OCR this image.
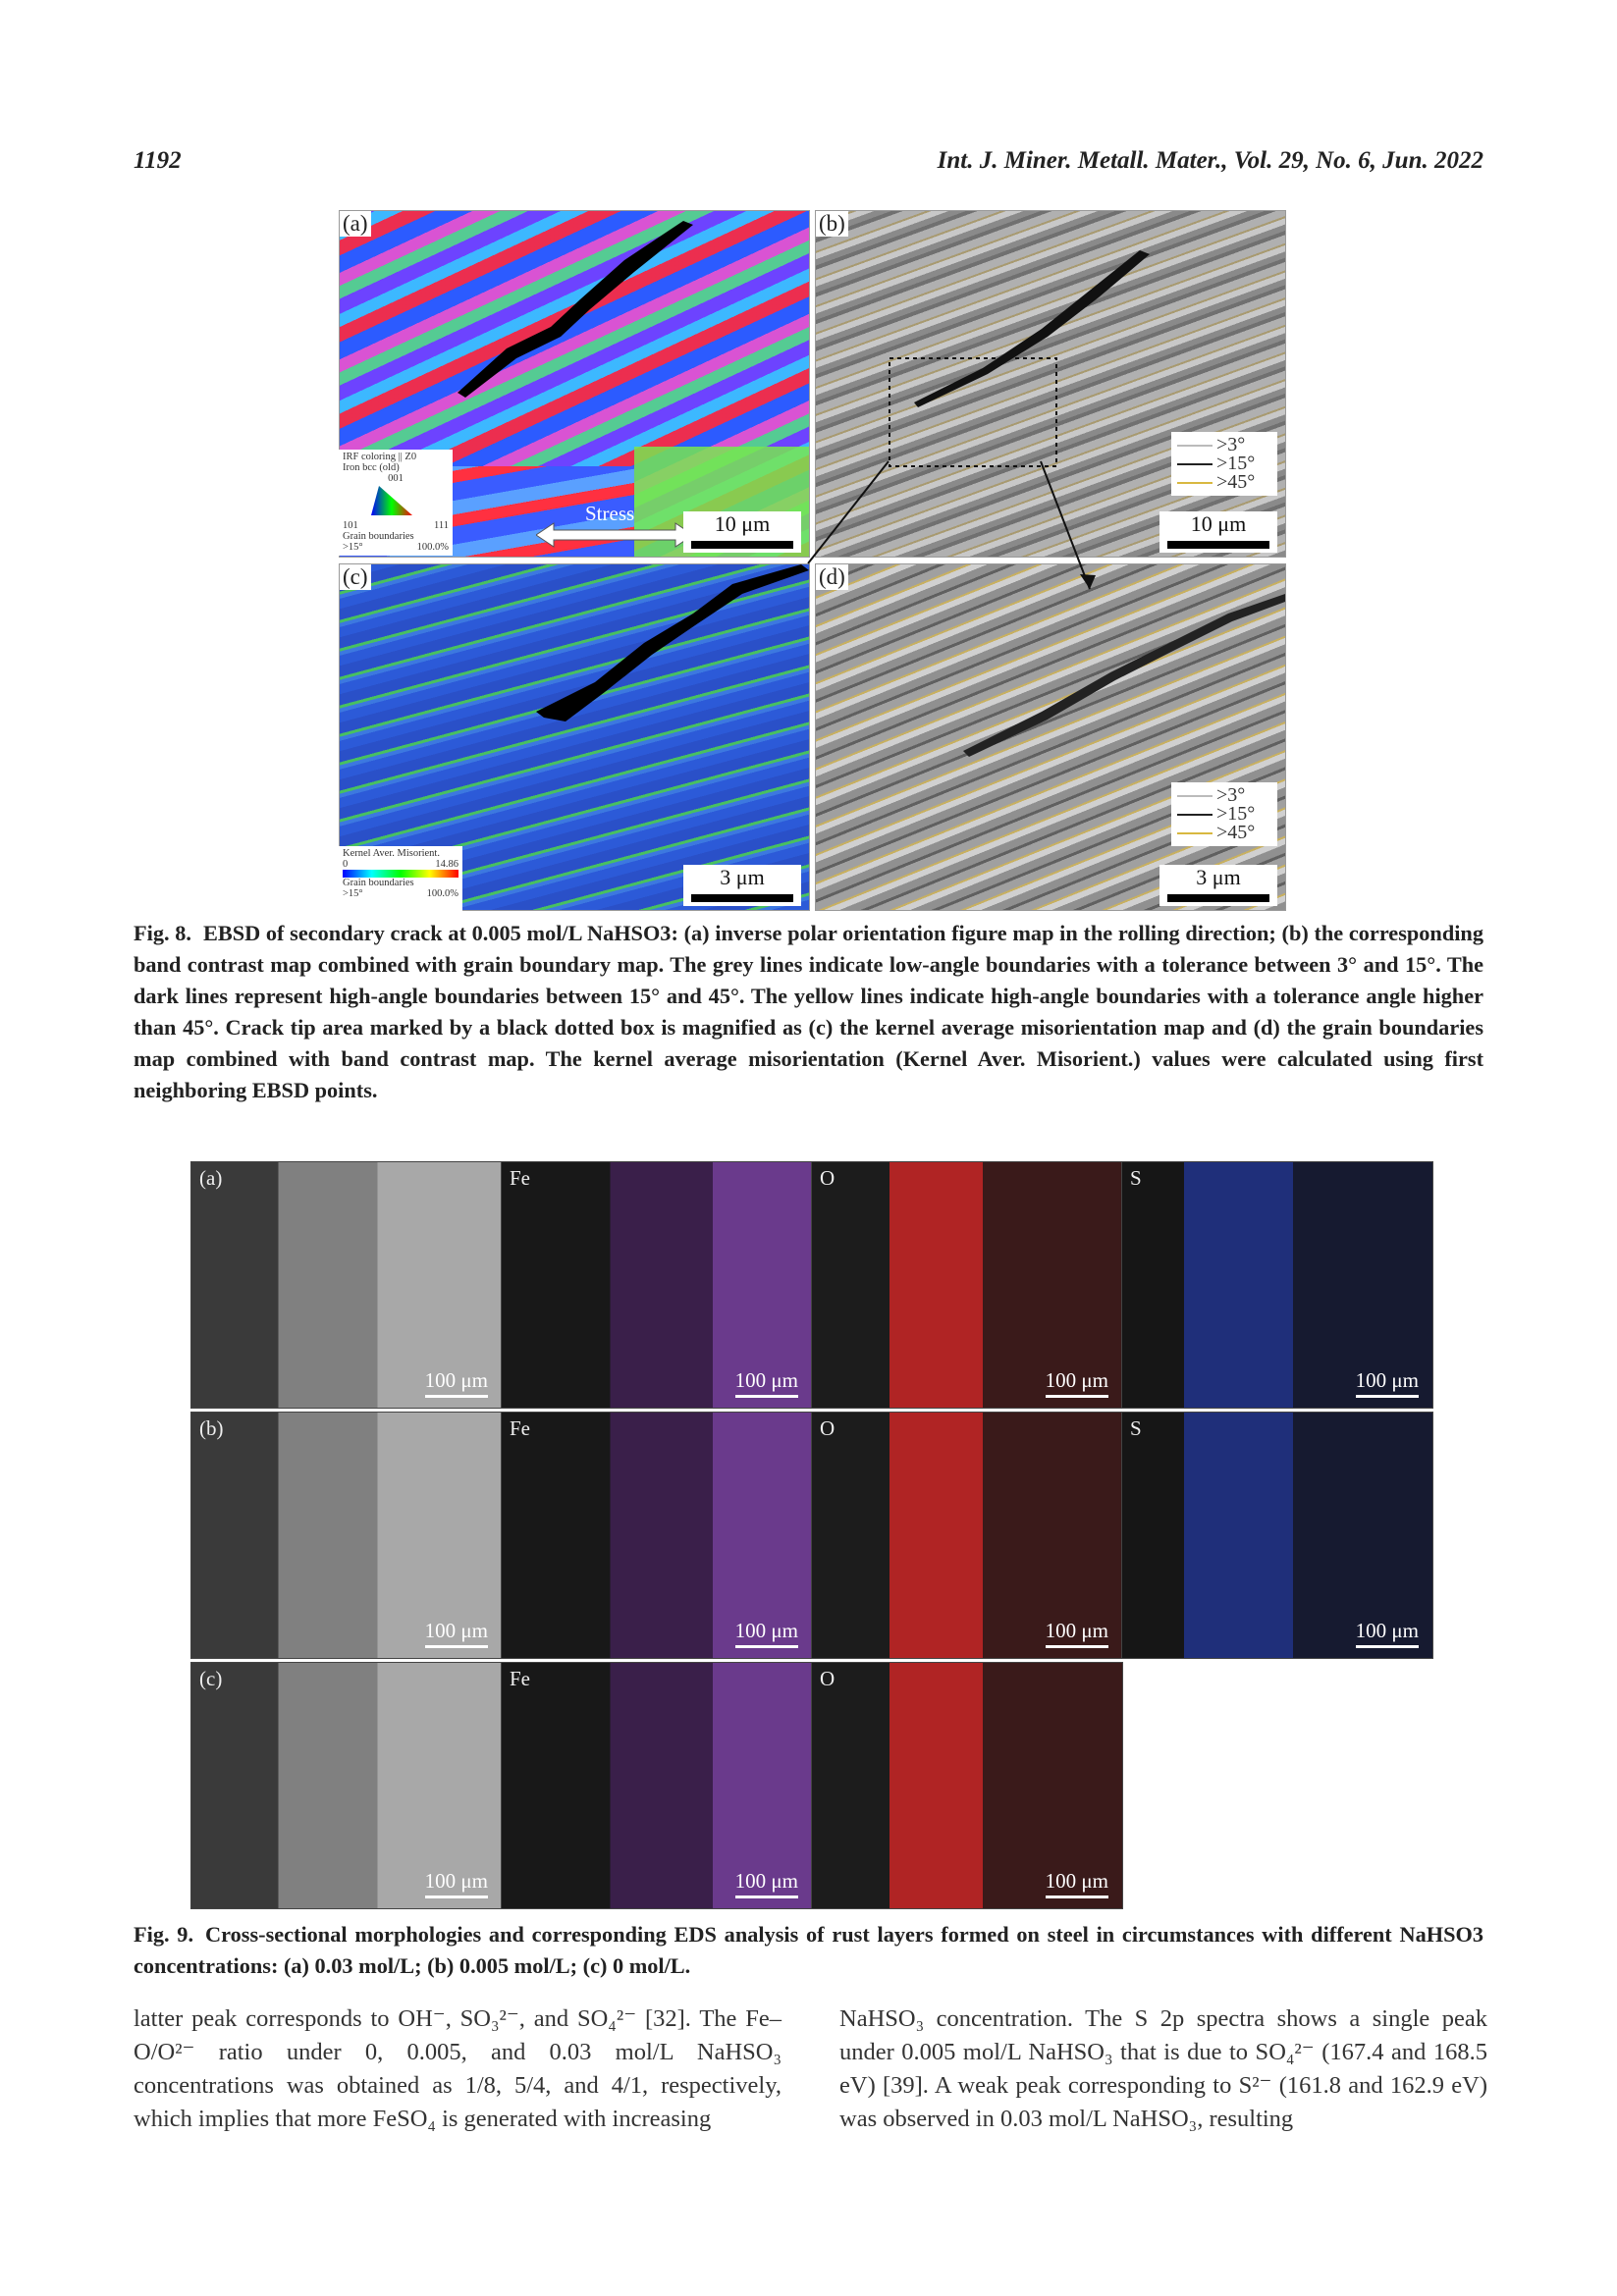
1192	Int. J. Miner. Metall. Mater., Vol. 29, No. 6, Jun. 2022
(a)
Stress	10 μm
IRF coloring || Z0
Iron bcc (old)
001
101	111
Grain boundaries
>15°	100.0%
(b)
>3°
>15°
>45°
10 μm
(c)
3 μm
Kernel Aver. Misorient.
0	14.86
Grain boundaries
>15°	100.0%
(d)
>3°
>15°
>45°
3 μm
Fig. 8. EBSD of secondary crack at 0.005 mol/L NaHSO3: (a) inverse polar orientation figure map in the rolling direction; (b) the corresponding band contrast map combined with grain boundary map. The grey lines indicate low-angle boundaries with a tolerance between 3° and 15°. The dark lines represent high-angle boundaries between 15° and 45°. The yellow lines indicate high-angle boundaries with a tolerance angle higher than 45°. Crack tip area marked by a black dotted box is magnified as (c) the kernel average misorientation map and (d) the grain boundaries map combined with band contrast map. The kernel average misorientation (Kernel Aver. Misorient.) values were calculated using first neighboring EBSD points.
(a)
100 μm
Fe
100 μm
O
100 μm
S
100 μm
(b)
100 μm
Fe
100 μm
O
100 μm
S
100 μm
(c)
100 μm
Fe
100 μm
O
100 μm
Fig. 9. Cross-sectional morphologies and corresponding EDS analysis of rust layers formed on steel in circumstances with different NaHSO3 concentrations: (a) 0.03 mol/L; (b) 0.005 mol/L; (c) 0 mol/L.
latter peak corresponds to OH⁻, SO₃²⁻, and SO₄²⁻ [32]. The Fe–O/O²⁻ ratio under 0, 0.005, and 0.03 mol/L NaHSO₃ concentrations was obtained as 1/8, 5/4, and 4/1, respectively, which implies that more FeSO₄ is generated with increasing
NaHSO₃ concentration. The S 2p spectra shows a single peak under 0.005 mol/L NaHSO₃ that is due to SO₄²⁻ (167.4 and 168.5 eV) [39]. A weak peak corresponding to S²⁻ (161.8 and 162.9 eV) was observed in 0.03 mol/L NaHSO₃, resulting
